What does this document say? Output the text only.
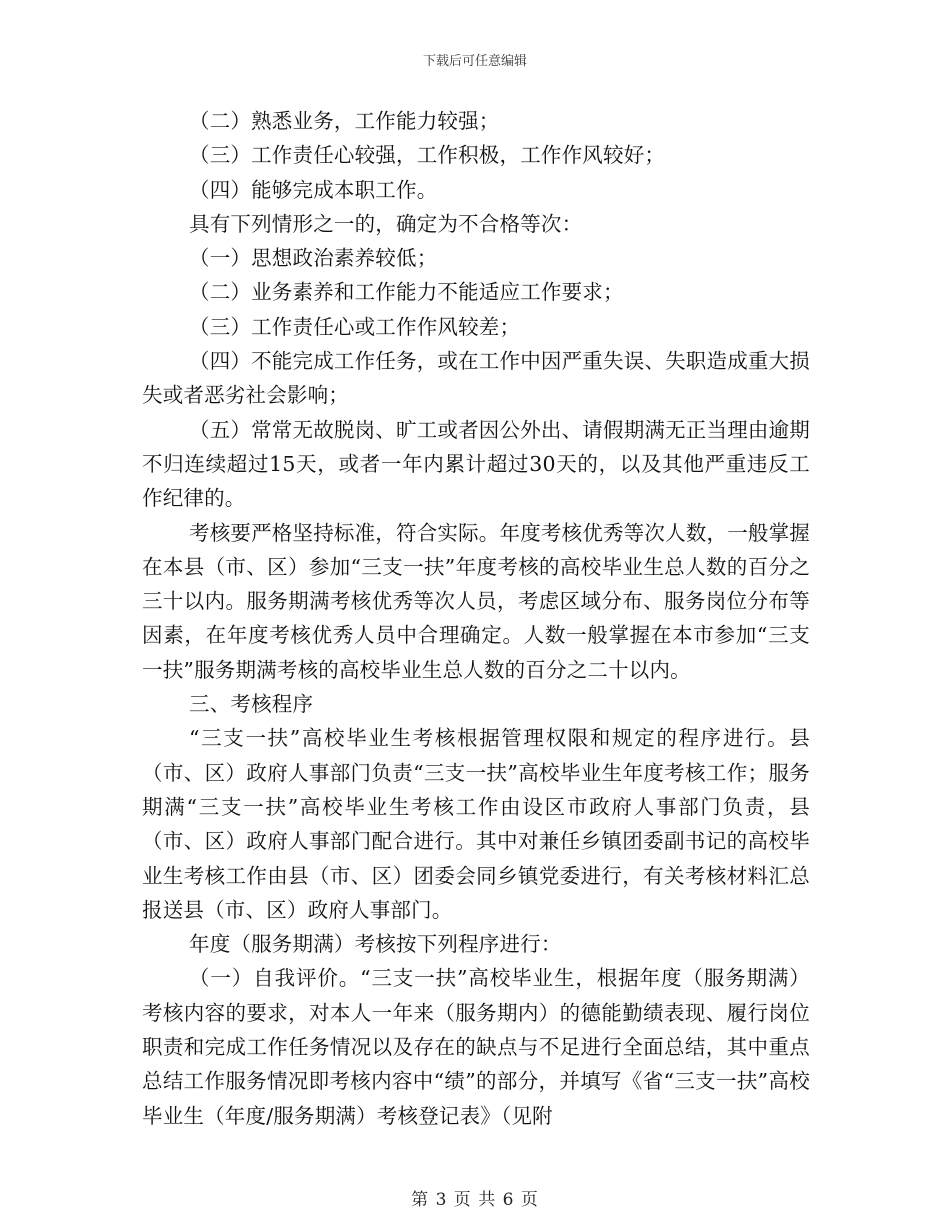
下载后可任意编辑

（二）熟悉业务，工作能力较强；

（三）工作责任心较强，工作积极，工作作风较好；

（四）能够完成本职工作。

具有下列情形之一的，确定为不合格等次：

（一）思想政治素养较低；

（二）业务素养和工作能力不能适应工作要求；

（三）工作责任心或工作作风较差；

（四）不能完成工作任务，或在工作中因严重失误、失职造成重大损失或者恶劣社会影响；

（五）常常无故脱岗、旷工或者因公外出、请假期满无正当理由逾期不归连续超过15天，或者一年内累计超过30天的，以及其他严重违反工作纪律的。

考核要严格坚持标准，符合实际。年度考核优秀等次人数，一般掌握在本县（市、区）参加“三支一扶”年度考核的高校毕业生总人数的百分之三十以内。服务期满考核优秀等次人员，考虑区域分布、服务岗位分布等因素，在年度考核优秀人员中合理确定。人数一般掌握在本市参加“三支一扶”服务期满考核的高校毕业生总人数的百分之二十以内。

三、考核程序

“三支一扶”高校毕业生考核根据管理权限和规定的程序进行。县（市、区）政府人事部门负责“三支一扶”高校毕业生年度考核工作；服务期满“三支一扶”高校毕业生考核工作由设区市政府人事部门负责，县（市、区）政府人事部门配合进行。其中对兼任乡镇团委副书记的高校毕业生考核工作由县（市、区）团委会同乡镇党委进行，有关考核材料汇总报送县（市、区）政府人事部门。

年度（服务期满）考核按下列程序进行：

（一）自我评价。“三支一扶”高校毕业生，根据年度（服务期满）考核内容的要求，对本人一年来（服务期内）的德能勤绩表现、履行岗位职责和完成工作任务情况以及存在的缺点与不足进行全面总结，其中重点总结工作服务情况即考核内容中“绩”的部分，并填写《省“三支一扶”高校毕业生（年度/服务期满）考核登记表》（见附

第 3 页 共 6 页
